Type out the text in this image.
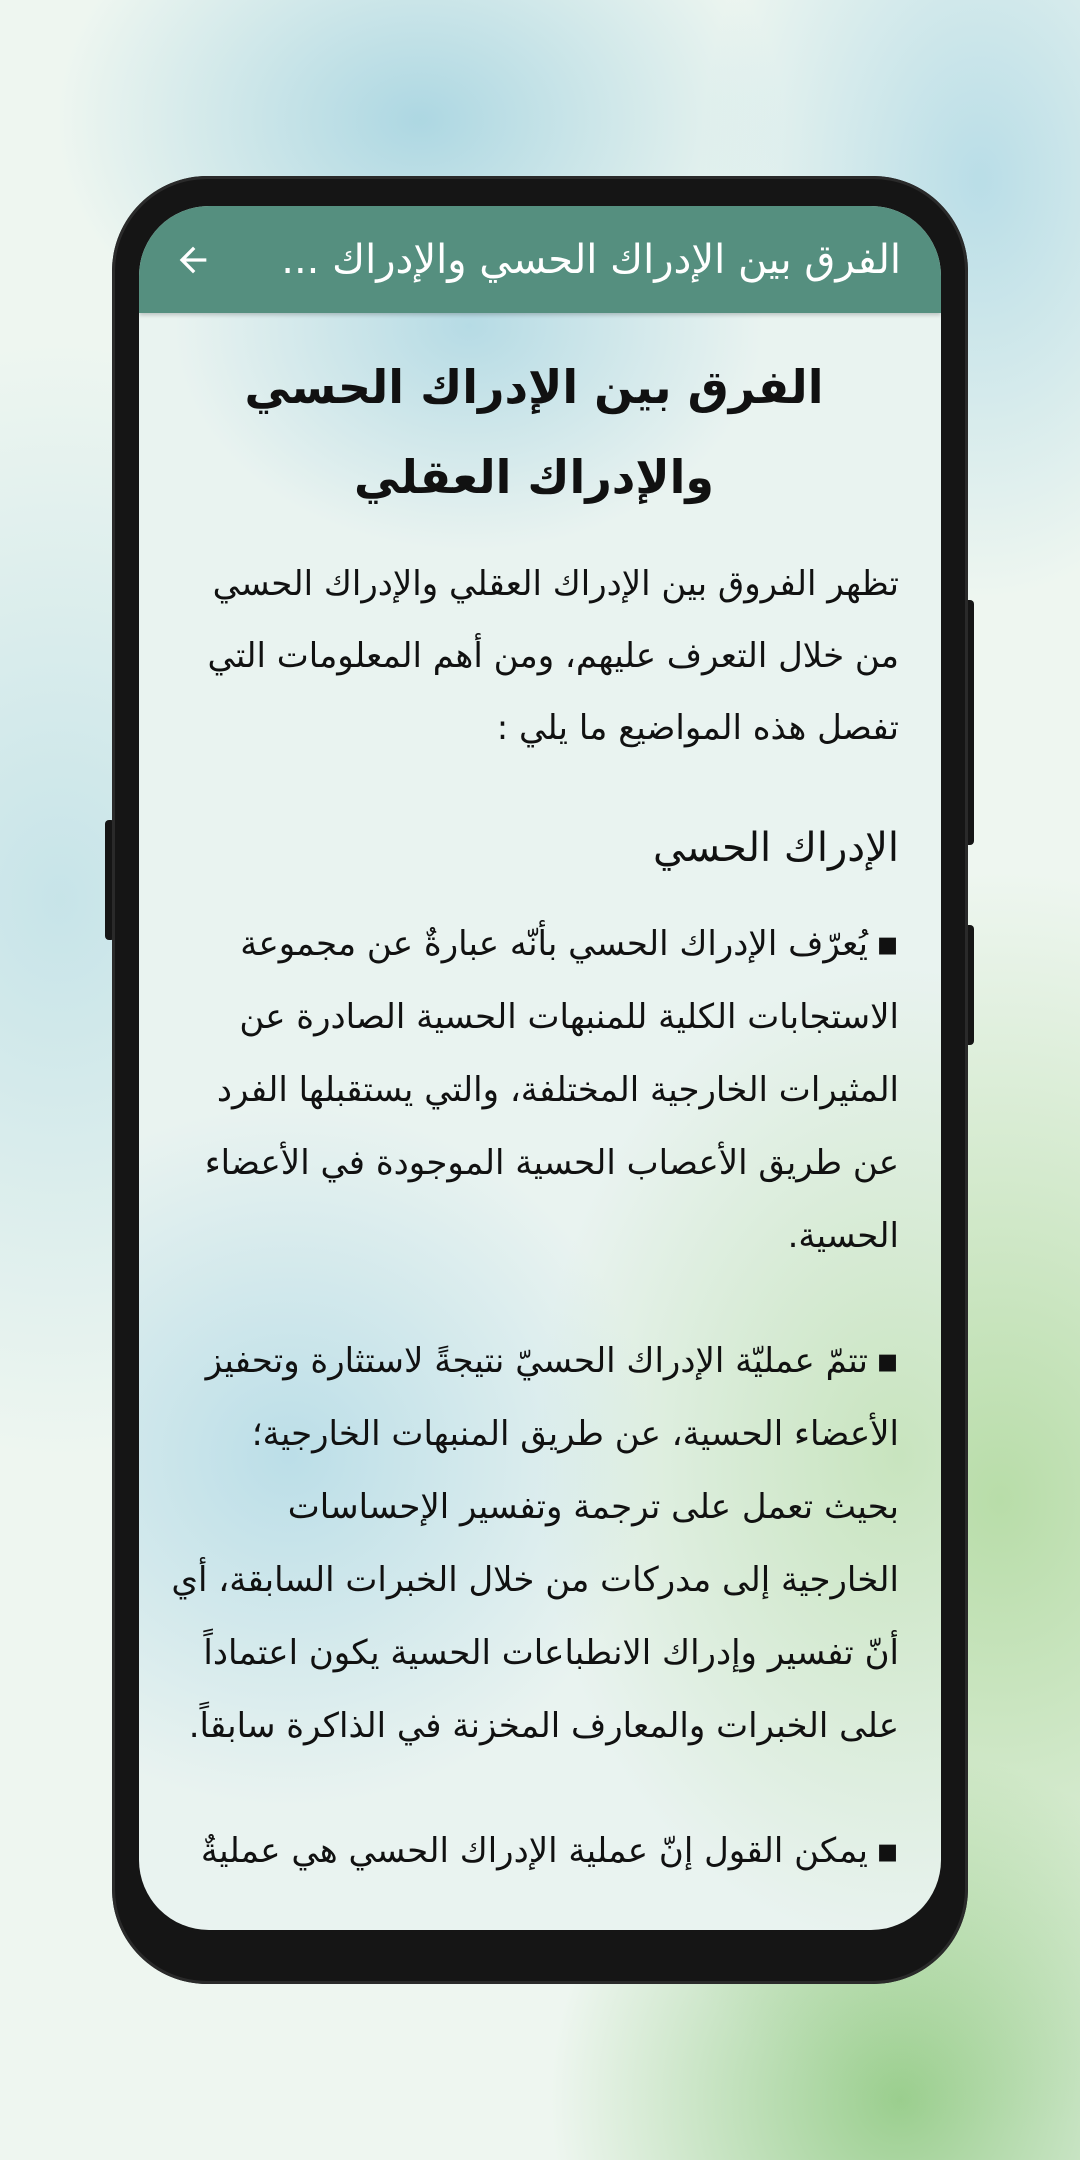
الفرق بين الإدراك الحسي والإدراك ...
الفرق بين الإدراك الحسي والإدراك العقلي
تظهر الفروق بين الإدراك العقلي والإدراك الحسي من خلال التعرف عليهم، ومن أهم المعلومات التي تفصل هذه المواضيع ما يلي :
الإدراك الحسي
▪يُعرّف الإدراك الحسي بأنّه عبارةٌ عن مجموعة الاستجابات الكلية للمنبهات الحسية الصادرة عن المثيرات الخارجية المختلفة، والتي يستقبلها الفرد عن طريق الأعصاب الحسية الموجودة في الأعضاء الحسية.
▪تتمّ عمليّة الإدراك الحسيّ نتيجةً لاستثارة وتحفيز الأعضاء الحسية، عن طريق المنبهات الخارجية؛ بحيث تعمل على ترجمة وتفسير الإحساسات الخارجية إلى مدركات من خلال الخبرات السابقة، أي أنّ تفسير وإدراك الانطباعات الحسية يكون اعتماداً على الخبرات والمعارف المخزنة في الذاكرة سابقاً.
▪يمكن القول إنّ عملية الإدراك الحسي هي عمليةٌ
